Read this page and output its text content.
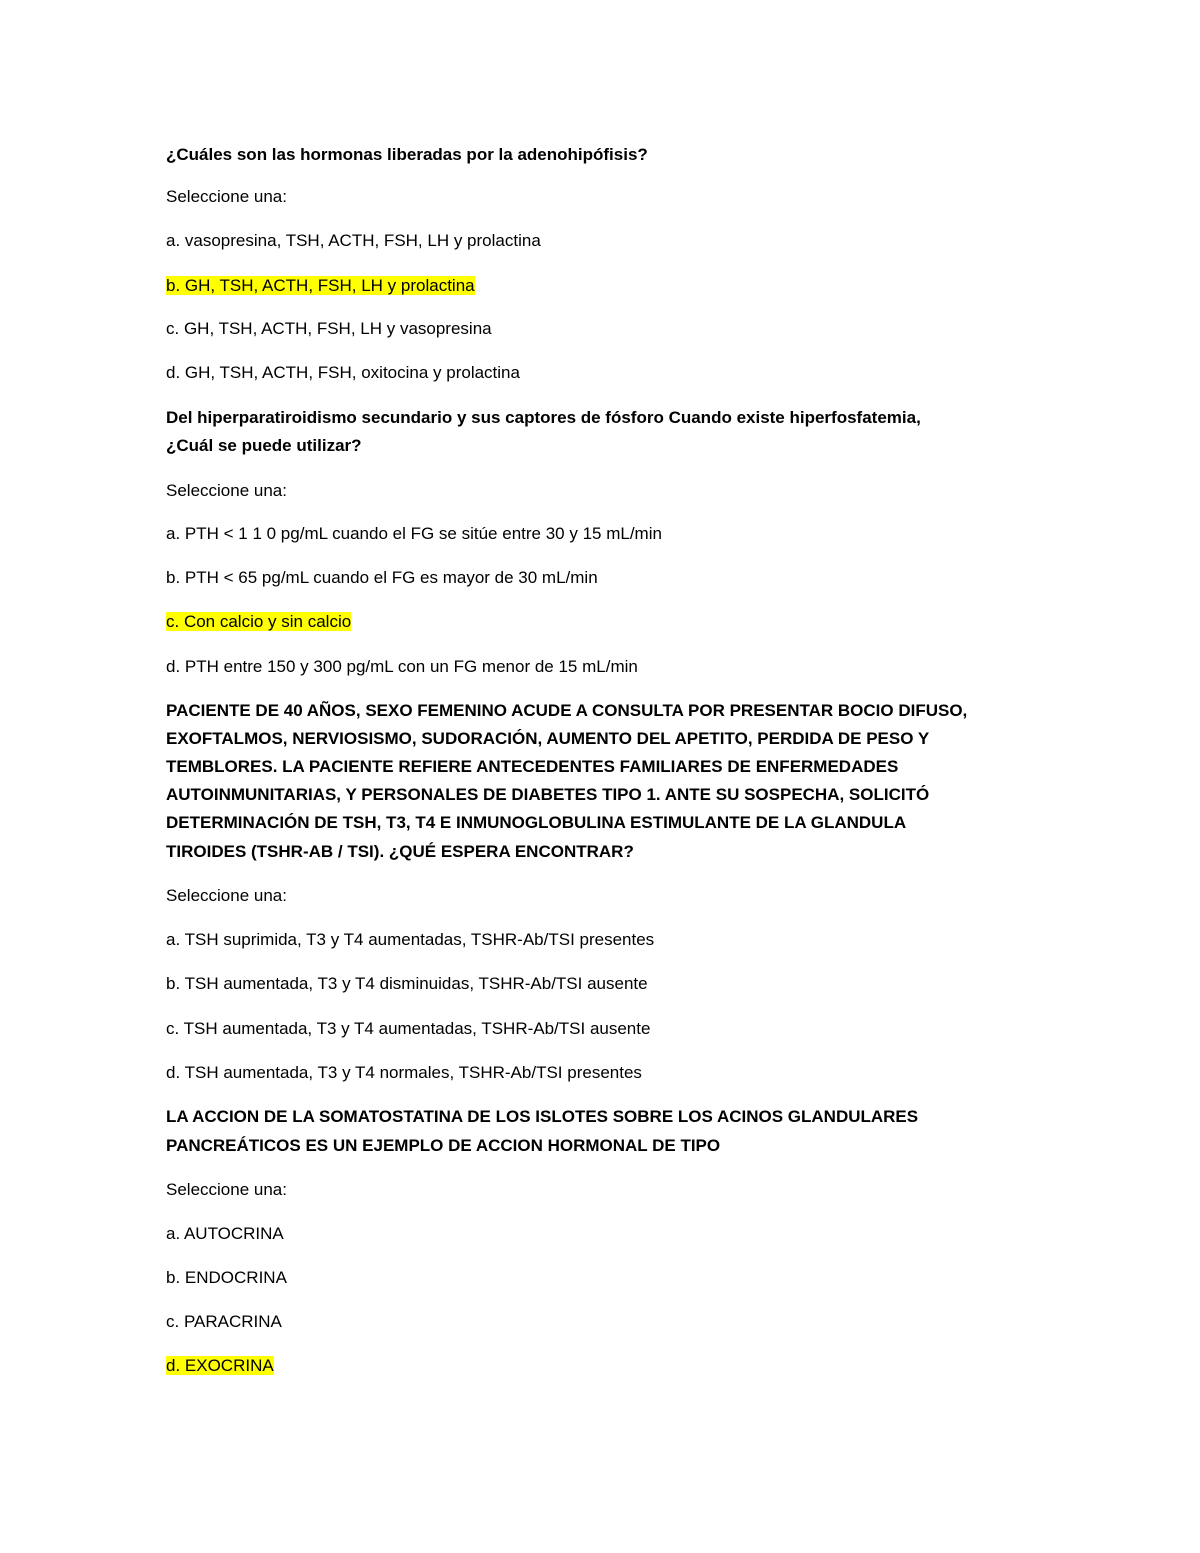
¿Cuáles son las hormonas liberadas por la adenohipófisis?
Seleccione una:
a. vasopresina, TSH, ACTH, FSH, LH y prolactina
b. GH, TSH, ACTH, FSH, LH y prolactina
c. GH, TSH, ACTH, FSH, LH y vasopresina
d. GH, TSH, ACTH, FSH, oxitocina y prolactina
Del hiperparatiroidismo secundario y sus captores de fósforo Cuando existe hiperfosfatemia,
¿Cuál se puede utilizar?
Seleccione una:
a. PTH < 1 1 0 pg/mL cuando el FG se sitúe entre 30 y 15 mL/min
b. PTH < 65 pg/mL cuando el FG es mayor de 30 mL/min
c. Con calcio y sin calcio
d. PTH entre 150 y 300 pg/mL con un FG menor de 15 mL/min
PACIENTE DE 40 AÑOS, SEXO FEMENINO ACUDE A CONSULTA POR PRESENTAR BOCIO DIFUSO,
EXOFTALMOS, NERVIOSISMO, SUDORACIÓN, AUMENTO DEL APETITO, PERDIDA DE PESO Y
TEMBLORES. LA PACIENTE REFIERE ANTECEDENTES FAMILIARES DE ENFERMEDADES
AUTOINMUNITARIAS, Y PERSONALES DE DIABETES TIPO 1. ANTE SU SOSPECHA, SOLICITÓ
DETERMINACIÓN DE TSH, T3, T4 E INMUNOGLOBULINA ESTIMULANTE DE LA GLANDULA
TIROIDES (TSHR-AB / TSI). ¿QUÉ ESPERA ENCONTRAR?
Seleccione una:
a. TSH suprimida, T3 y T4 aumentadas, TSHR-Ab/TSI presentes
b. TSH aumentada, T3 y T4 disminuidas, TSHR-Ab/TSI ausente
c. TSH aumentada, T3 y T4 aumentadas, TSHR-Ab/TSI ausente
d. TSH aumentada, T3 y T4 normales, TSHR-Ab/TSI presentes
LA ACCION DE LA SOMATOSTATINA DE LOS ISLOTES SOBRE LOS ACINOS GLANDULARES
PANCREÁTICOS ES UN EJEMPLO DE ACCION HORMONAL DE TIPO
Seleccione una:
a. AUTOCRINA
b. ENDOCRINA
c. PARACRINA
d. EXOCRINA
